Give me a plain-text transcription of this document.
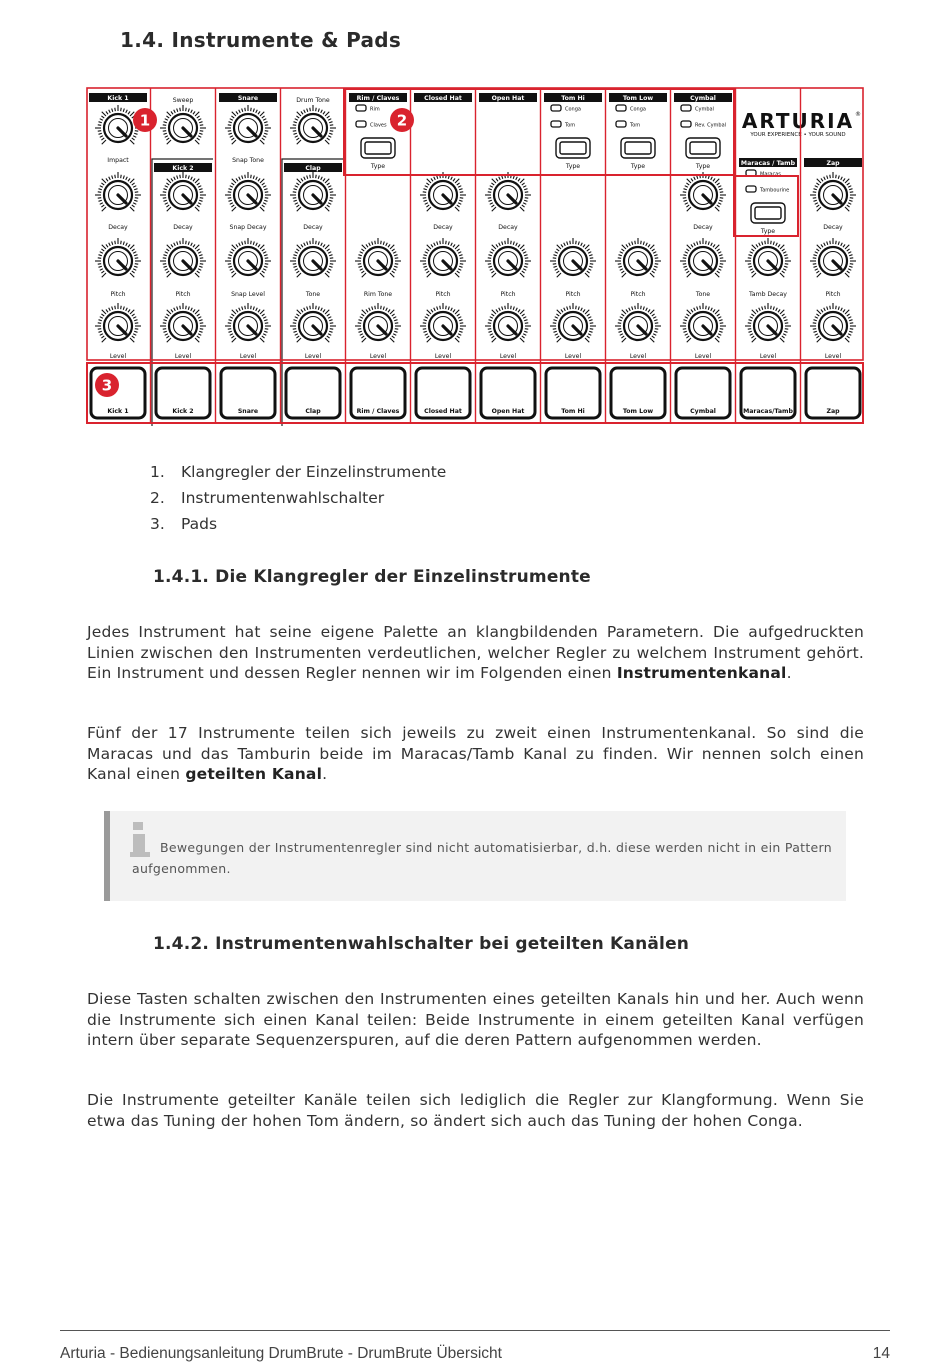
1.4. Instrumente & Pads
Kick 1
Impact
Decay
Pitch
Level
Sweep
Kick 2
Decay
Pitch
Level
Snare
Snap Tone
Snap Decay
Snap Level
Level
Drum Tone
Clap
Decay
Tone
Level
Rim / Claves
Rim
Claves
Type
Rim Tone
Level
Closed Hat
Decay
Pitch
Level
Open Hat
Decay
Pitch
Level
Tom Hi
Conga
Tom
Type
Pitch
Level
Tom Low
Conga
Tom
Type
Pitch
Level
Cymbal
Cymbal
Rev. Cymbal
Type
Decay
Tone
Level
Maracas / Tamb
Maracas
Tambourine
Type
Tamb Decay
Level
Zap
Decay
Pitch
Level
ARTURIA ®
YOUR EXPERIENCE • YOUR SOUND
Kick 1	Kick 2	Snare	Clap	Rim / Claves	Closed Hat	Open Hat	Tom Hi	Tom Low	Cymbal	Maracas/Tamb	Zap
1	2
3
1. Klangregler der Einzelinstrumente
2. Instrumentenwahlschalter
3. Pads
1.4.1. Die Klangregler der Einzelinstrumente

Jedes Instrument hat seine eigene Palette an klangbildenden Parametern. Die aufgedruckten Linien zwischen den Instrumenten verdeutlichen, welcher Regler zu welchem Instrument gehört. Ein Instrument und dessen Regler nennen wir im Folgenden einen Instrumentenkanal.

Fünf der 17 Instrumente teilen sich jeweils zu zweit einen Instrumentenkanal. So sind die Maracas und das Tamburin beide im Maracas/Tamb Kanal zu finden. Wir nennen solch einen Kanal einen geteilten Kanal.

Bewegungen der Instrumentenregler sind nicht automatisierbar, d.h. diese werden nicht in ein Pattern aufgenommen.

1.4.2. Instrumentenwahlschalter bei geteilten Kanälen

Diese Tasten schalten zwischen den Instrumenten eines geteilten Kanals hin und her. Auch wenn die Instrumente sich einen Kanal teilen: Beide Instrumente in einem geteilten Kanal verfügen intern über separate Sequenzerspuren, auf die deren Pattern aufgenommen werden.

Die Instrumente geteilter Kanäle teilen sich lediglich die Regler zur Klangformung. Wenn Sie etwa das Tuning der hohen Tom ändern, so ändert sich auch das Tuning der hohen Conga.

Arturia - Bedienungsanleitung DrumBrute - DrumBrute Übersicht	14
